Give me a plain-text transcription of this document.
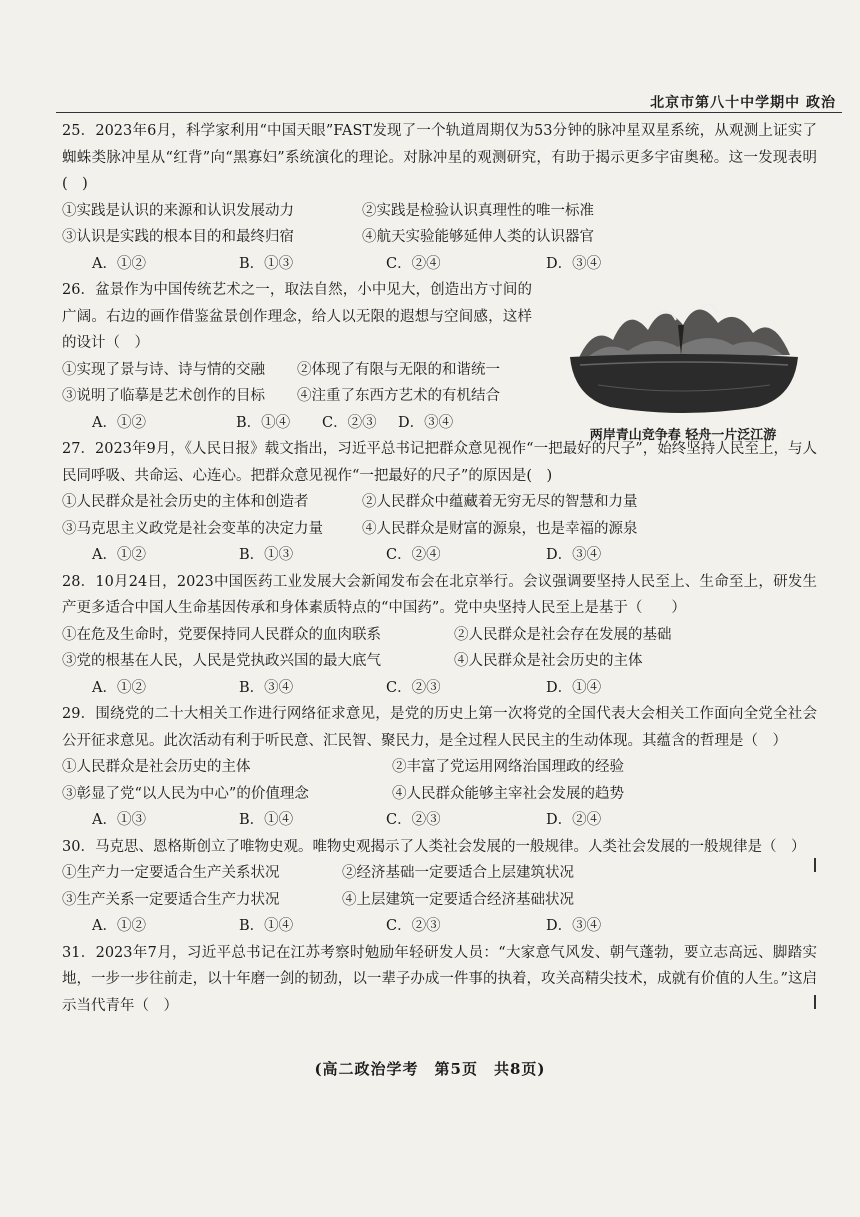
北京市第八十中学期中 政治

25．2023年6月，科学家利用“中国天眼”FAST发现了一个轨道周期仅为53分钟的脉冲星双星系统，从观测上证实了蜘蛛类脉冲星从“红背”向“黑寡妇”系统演化的理论。对脉冲星的观测研究，有助于揭示更多宇宙奥秘。这一发现表明(　)

①实践是认识的来源和认识发展动力	②实践是检验认识真理性的唯一标准
③认识是实践的根本目的和最终归宿	④航天实验能够延伸人类的认识器官
A．①②	B．①③	C．②④	D．③④

26．盆景作为中国传统艺术之一，取法自然，小中见大，创造出方寸间的广阔。右边的画作借鉴盆景创作理念，给人以无限的遐想与空间感，这样的设计（　）

①实现了景与诗、诗与情的交融	②体现了有限与无限的和谐统一
③说明了临摹是艺术创作的目标	④注重了东西方艺术的有机结合
A．①②	B．①④	C．②③	D．③④
两岸青山竞争春 轻舟一片泛江游

27．2023年9月，《人民日报》载文指出，习近平总书记把群众意见视作“一把最好的尺子”，始终坚持人民至上，与人民同呼吸、共命运、心连心。把群众意见视作“一把最好的尺子”的原因是(　)

①人民群众是社会历史的主体和创造者	②人民群众中蕴藏着无穷无尽的智慧和力量
③马克思主义政党是社会变革的决定力量	④人民群众是财富的源泉，也是幸福的源泉
A．①②	B．①③	C．②④	D．③④

28．10月24日，2023中国医药工业发展大会新闻发布会在北京举行。会议强调要坚持人民至上、生命至上，研发生产更多适合中国人生命基因传承和身体素质特点的“中国药”。党中央坚持人民至上是基于（　　）

①在危及生命时，党要保持同人民群众的血肉联系	②人民群众是社会存在发展的基础
③党的根基在人民，人民是党执政兴国的最大底气	④人民群众是社会历史的主体
A．①②	B．③④	C．②③	D．①④

29．围绕党的二十大相关工作进行网络征求意见，是党的历史上第一次将党的全国代表大会相关工作面向全党全社会公开征求意见。此次活动有利于听民意、汇民智、聚民力，是全过程人民民主的生动体现。其蕴含的哲理是（　）

①人民群众是社会历史的主体	②丰富了党运用网络治国理政的经验
③彰显了党“以人民为中心”的价值理念	④人民群众能够主宰社会发展的趋势
A．①③	B．①④	C．②③	D．②④

30．马克思、恩格斯创立了唯物史观。唯物史观揭示了人类社会发展的一般规律。人类社会发展的一般规律是（　）

①生产力一定要适合生产关系状况	②经济基础一定要适合上层建筑状况
③生产关系一定要适合生产力状况	④上层建筑一定要适合经济基础状况
A．①②	B．①④	C．②③	D．③④

31．2023年7月，习近平总书记在江苏考察时勉励年轻研发人员：“大家意气风发、朝气蓬勃，要立志高远、脚踏实地，一步一步往前走，以十年磨一剑的韧劲，以一辈子办成一件事的执着，攻关高精尖技术，成就有价值的人生。”这启示当代青年（　）

(高二政治学考　第5页　共8页)
